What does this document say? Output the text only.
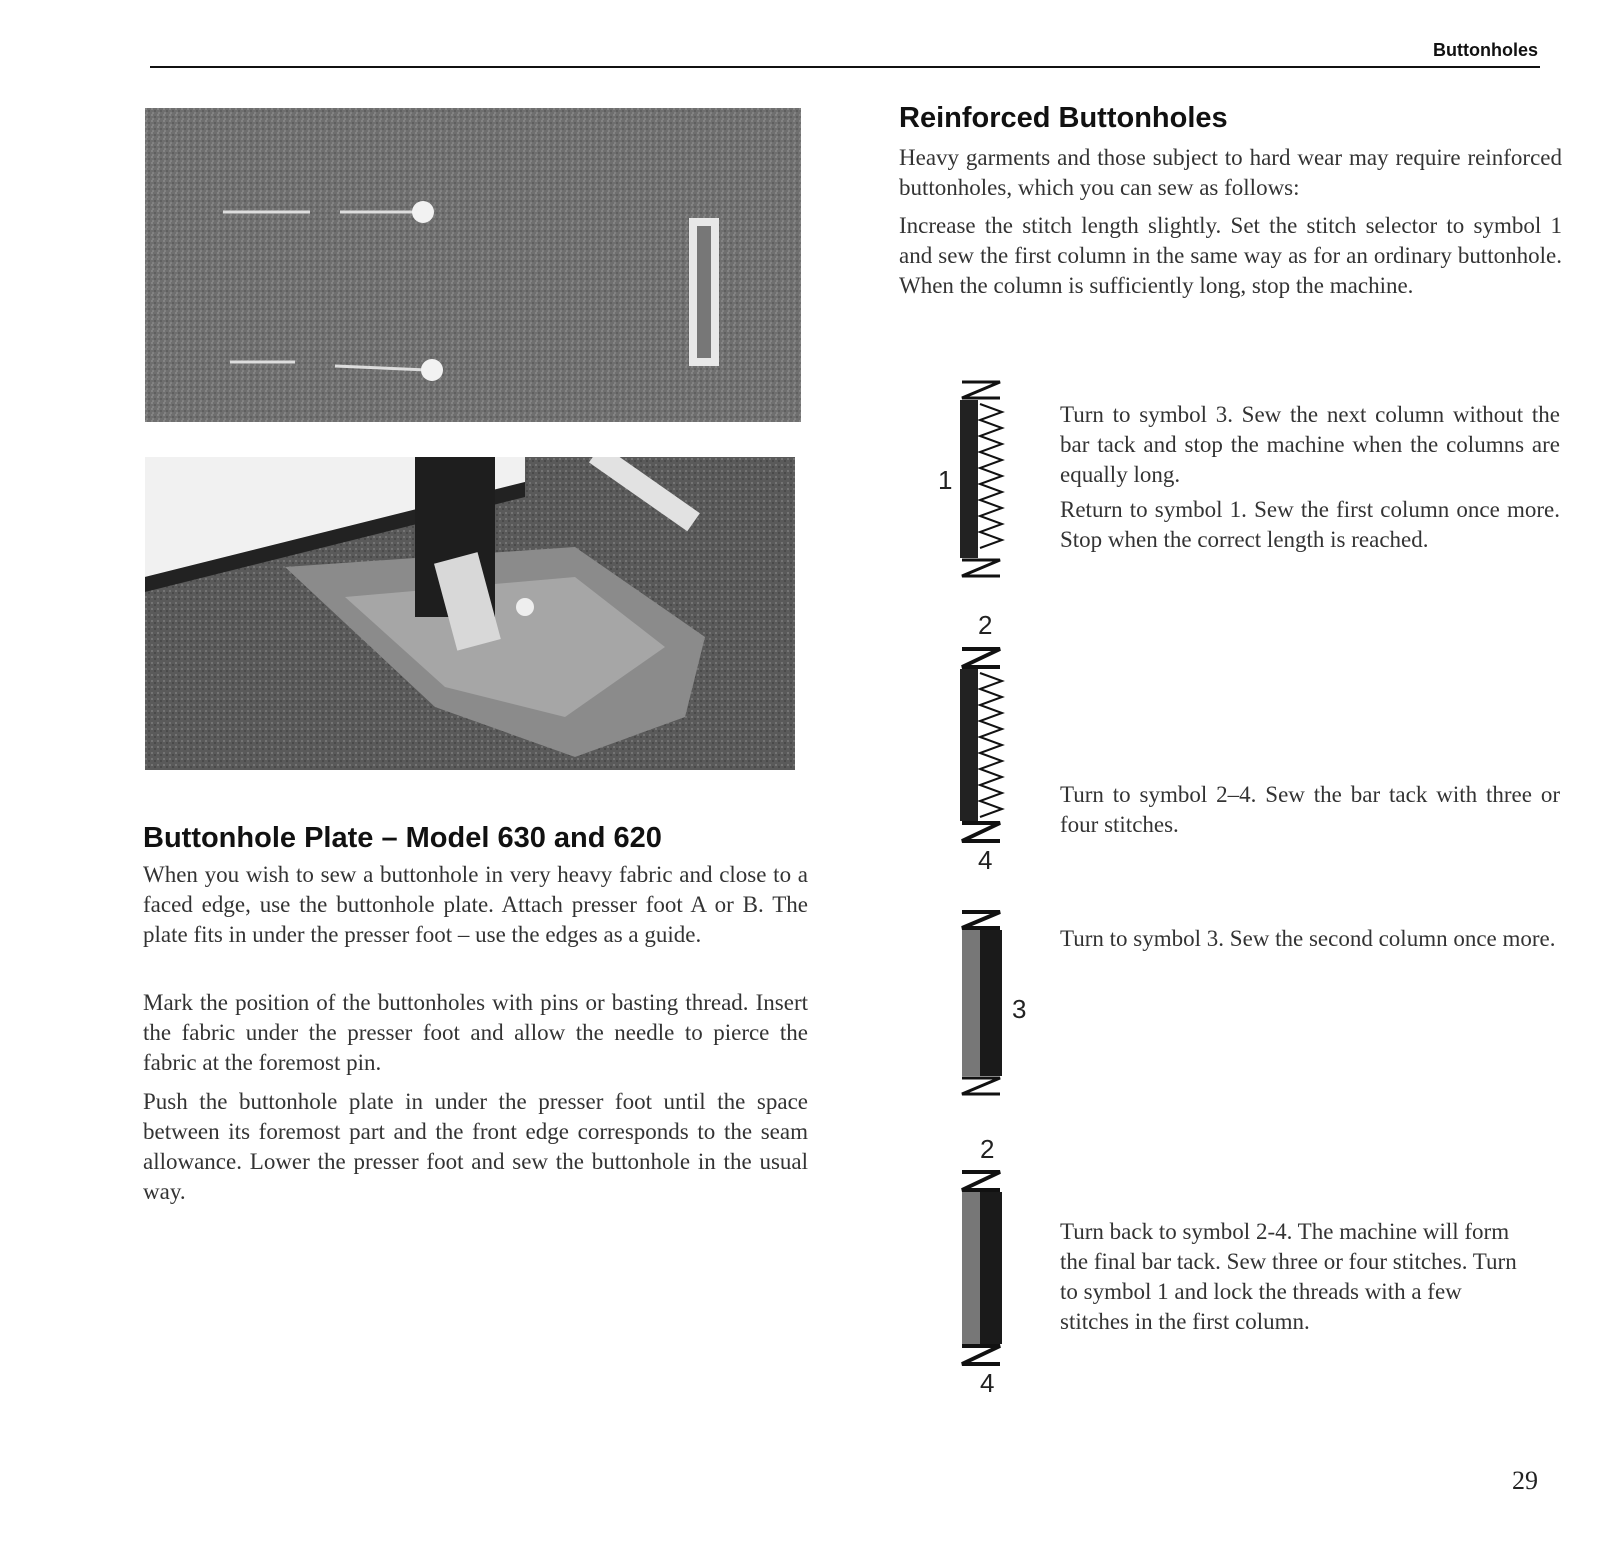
Buttonholes
Buttonhole Plate – Model 630 and 620

When you wish to sew a buttonhole in very heavy fabric and close to a faced edge, use the buttonhole plate. Attach presser foot A or B. The plate fits in under the presser foot – use the edges as a guide.

Mark the position of the buttonholes with pins or basting thread. Insert the fabric under the presser foot and allow the needle to pierce the fabric at the foremost pin.

Push the buttonhole plate in under the presser foot until the space between its foremost part and the front edge corresponds to the seam allowance. Lower the presser foot and sew the buttonhole in the usual way.

Reinforced Buttonholes

Heavy garments and those subject to hard wear may require reinforced buttonholes, which you can sew as follows:

Increase the stitch length slightly. Set the stitch selector to symbol 1 and sew the first column in the same way as for an ordinary buttonhole. When the column is sufficiently long, stop the machine.

1
2
4
3
2
4

Turn to symbol 3. Sew the next column without the bar tack and stop the machine when the columns are equally long.

Return to symbol 1. Sew the first column once more. Stop when the correct length is reached.

Turn to symbol 2–4. Sew the bar tack with three or four stitches.

Turn to symbol 3. Sew the second column once more.

Turn back to symbol 2-4. The machine will form the final bar tack. Sew three or four stitches. Turn to symbol 1 and lock the threads with a few stitches in the first column.

29
